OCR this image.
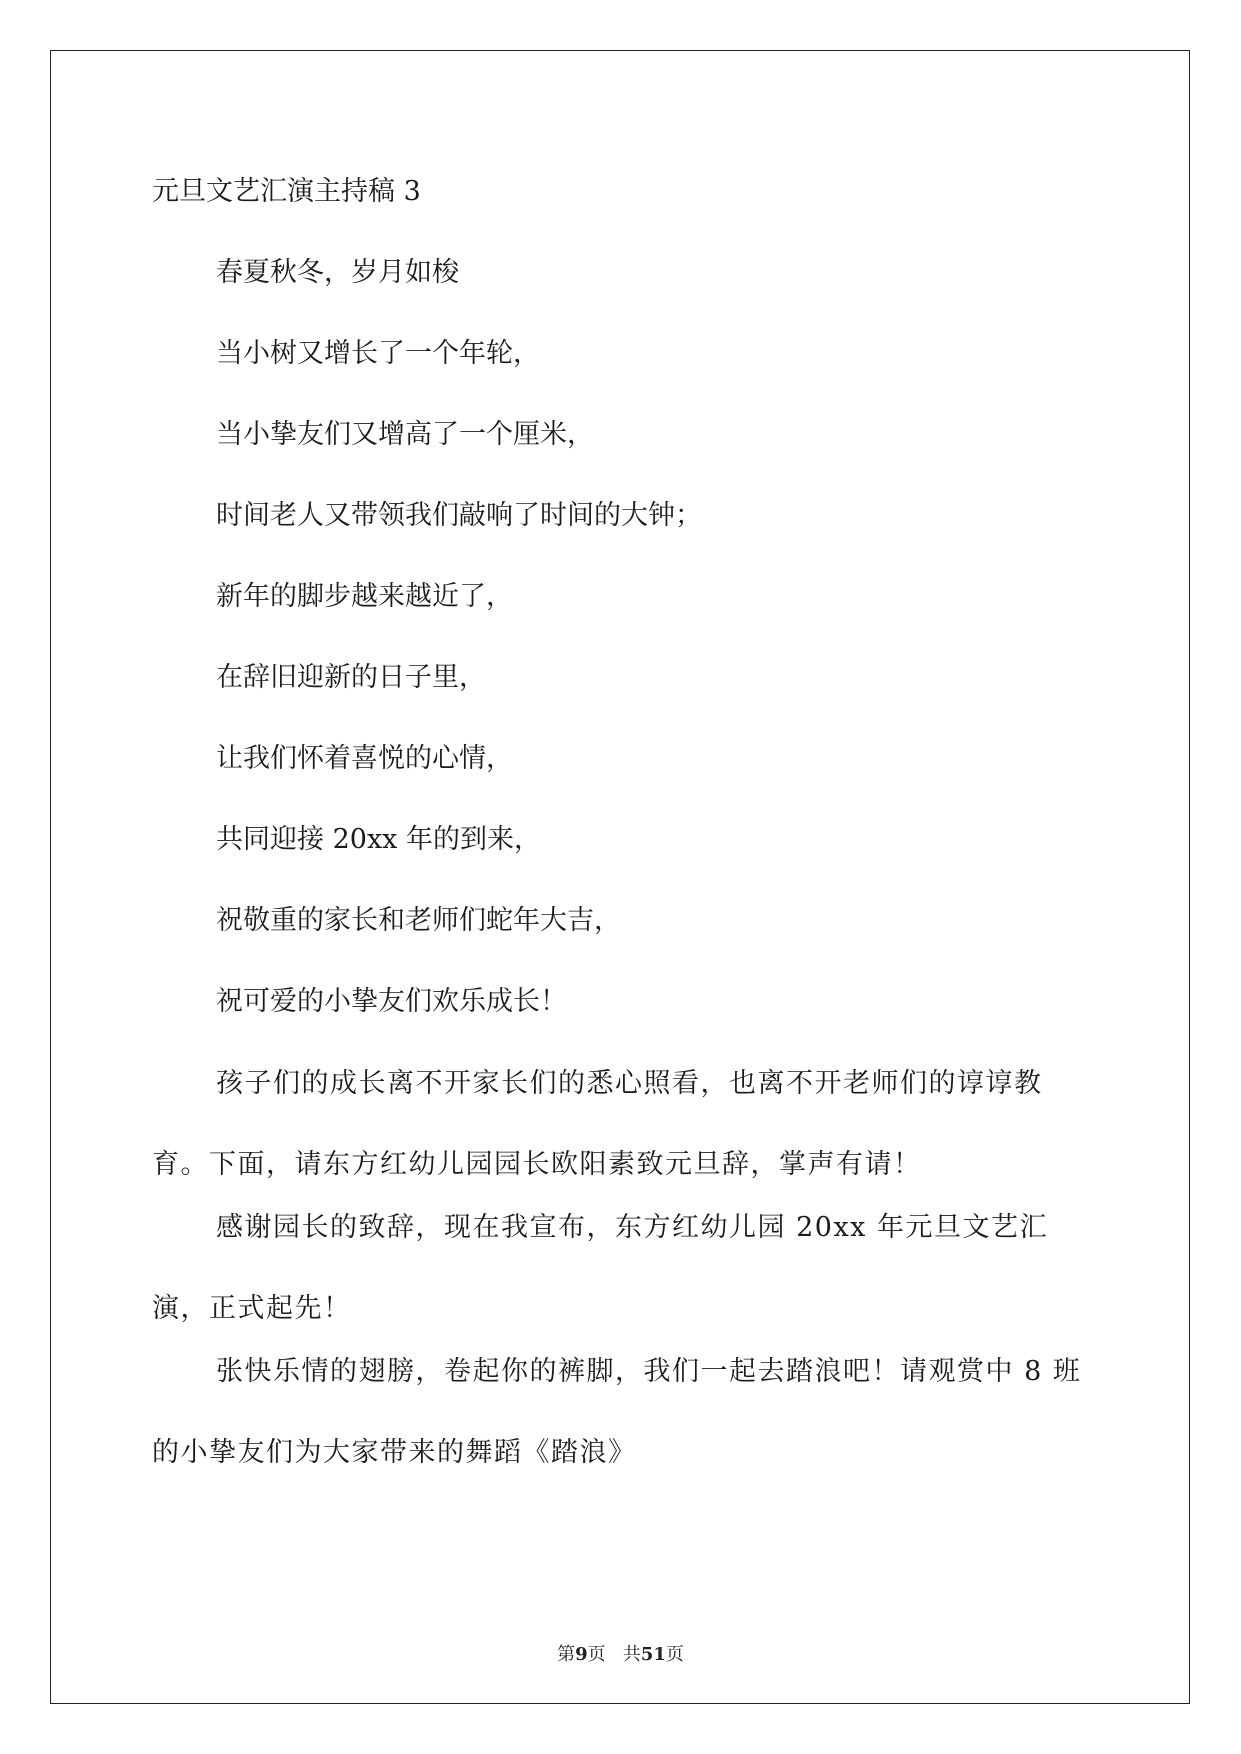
元旦文艺汇演主持稿 3
春夏秋冬，岁月如梭
当小树又增长了一个年轮，
当小挚友们又增高了一个厘米，
时间老人又带领我们敲响了时间的大钟；
新年的脚步越来越近了，
在辞旧迎新的日子里，
让我们怀着喜悦的心情，
共同迎接 20xx 年的到来，
祝敬重的家长和老师们蛇年大吉，
祝可爱的小挚友们欢乐成长！

孩子们的成长离不开家长们的悉心照看，也离不开老师们的谆谆教育。下面，请东方红幼儿园园长欧阳素致元旦辞，掌声有请！

感谢园长的致辞，现在我宣布，东方红幼儿园 20xx 年元旦文艺汇演，正式起先！

张快乐情的翅膀，卷起你的裤脚，我们一起去踏浪吧！请观赏中 8 班的小挚友们为大家带来的舞蹈《踏浪》

第9页 共51页
